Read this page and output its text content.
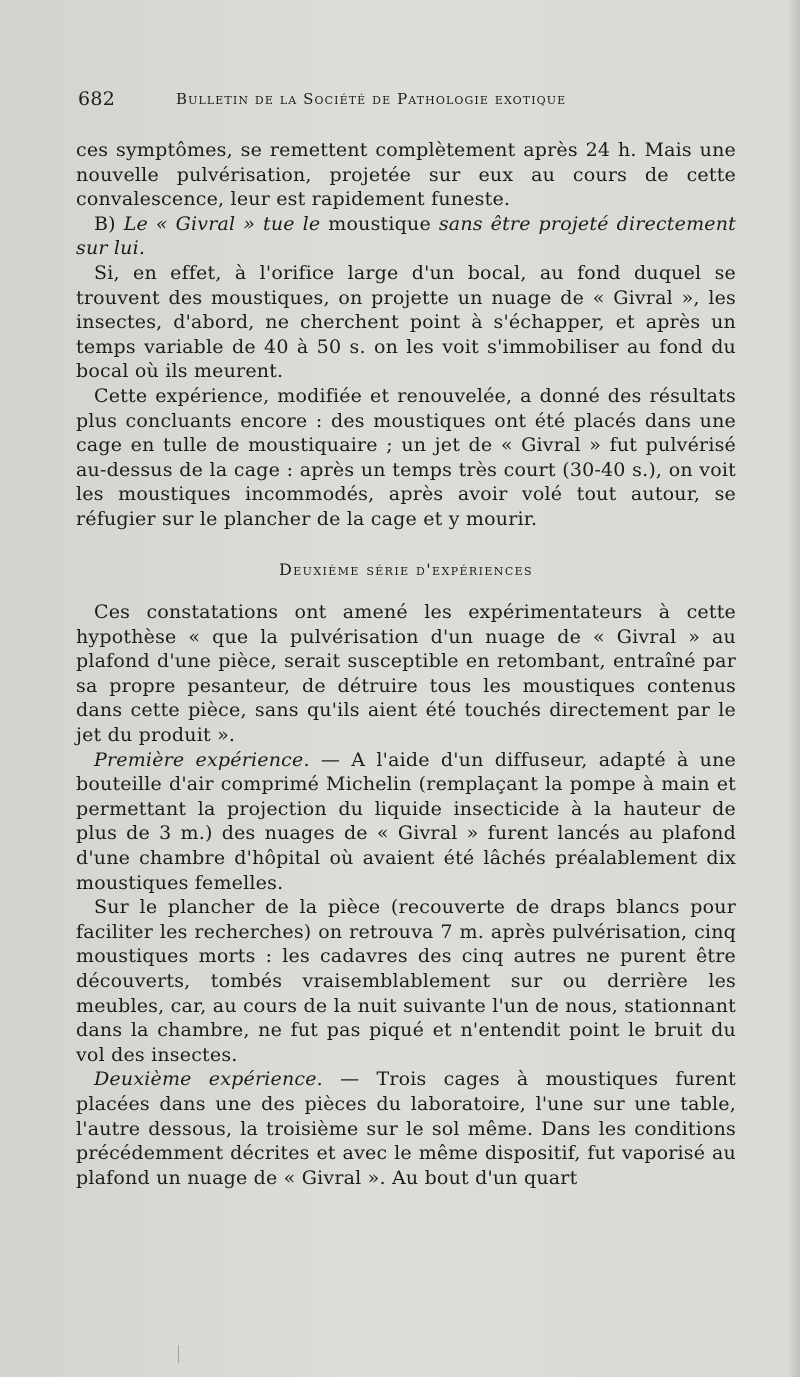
682	Bulletin de la Société de Pathologie exotique

ces symptômes, se remettent complètement après 24 h. Mais une nouvelle pulvérisation, projetée sur eux au cours de cette convalescence, leur est rapidement funeste.

B) Le « Givral » tue le moustique sans être projeté directement sur lui.

Si, en effet, à l'orifice large d'un bocal, au fond duquel se trouvent des moustiques, on projette un nuage de « Givral », les insectes, d'abord, ne cherchent point à s'échapper, et après un temps variable de 40 à 50 s. on les voit s'immobiliser au fond du bocal où ils meurent.

Cette expérience, modifiée et renouvelée, a donné des résultats plus concluants encore : des moustiques ont été placés dans une cage en tulle de moustiquaire ; un jet de « Givral » fut pulvérisé au-dessus de la cage : après un temps très court (30-40 s.), on voit les moustiques incommodés, après avoir volé tout autour, se réfugier sur le plancher de la cage et y mourir.

Deuxième série d'expériences

Ces constatations ont amené les expérimentateurs à cette hypothèse « que la pulvérisation d'un nuage de « Givral » au plafond d'une pièce, serait susceptible en retombant, entraîné par sa propre pesanteur, de détruire tous les moustiques contenus dans cette pièce, sans qu'ils aient été touchés directement par le jet du produit ».

Première expérience. — A l'aide d'un diffuseur, adapté à une bouteille d'air comprimé Michelin (remplaçant la pompe à main et permettant la projection du liquide insecticide à la hauteur de plus de 3 m.) des nuages de « Givral » furent lancés au plafond d'une chambre d'hôpital où avaient été lâchés préalablement dix moustiques femelles.

Sur le plancher de la pièce (recouverte de draps blancs pour faciliter les recherches) on retrouva 7 m. après pulvérisation, cinq moustiques morts : les cadavres des cinq autres ne purent être découverts, tombés vraisemblablement sur ou derrière les meubles, car, au cours de la nuit suivante l'un de nous, stationnant dans la chambre, ne fut pas piqué et n'entendit point le bruit du vol des insectes.

Deuxième expérience. — Trois cages à moustiques furent placées dans une des pièces du laboratoire, l'une sur une table, l'autre dessous, la troisième sur le sol même. Dans les conditions précédemment décrites et avec le même dispositif, fut vaporisé au plafond un nuage de « Givral ». Au bout d'un quart
